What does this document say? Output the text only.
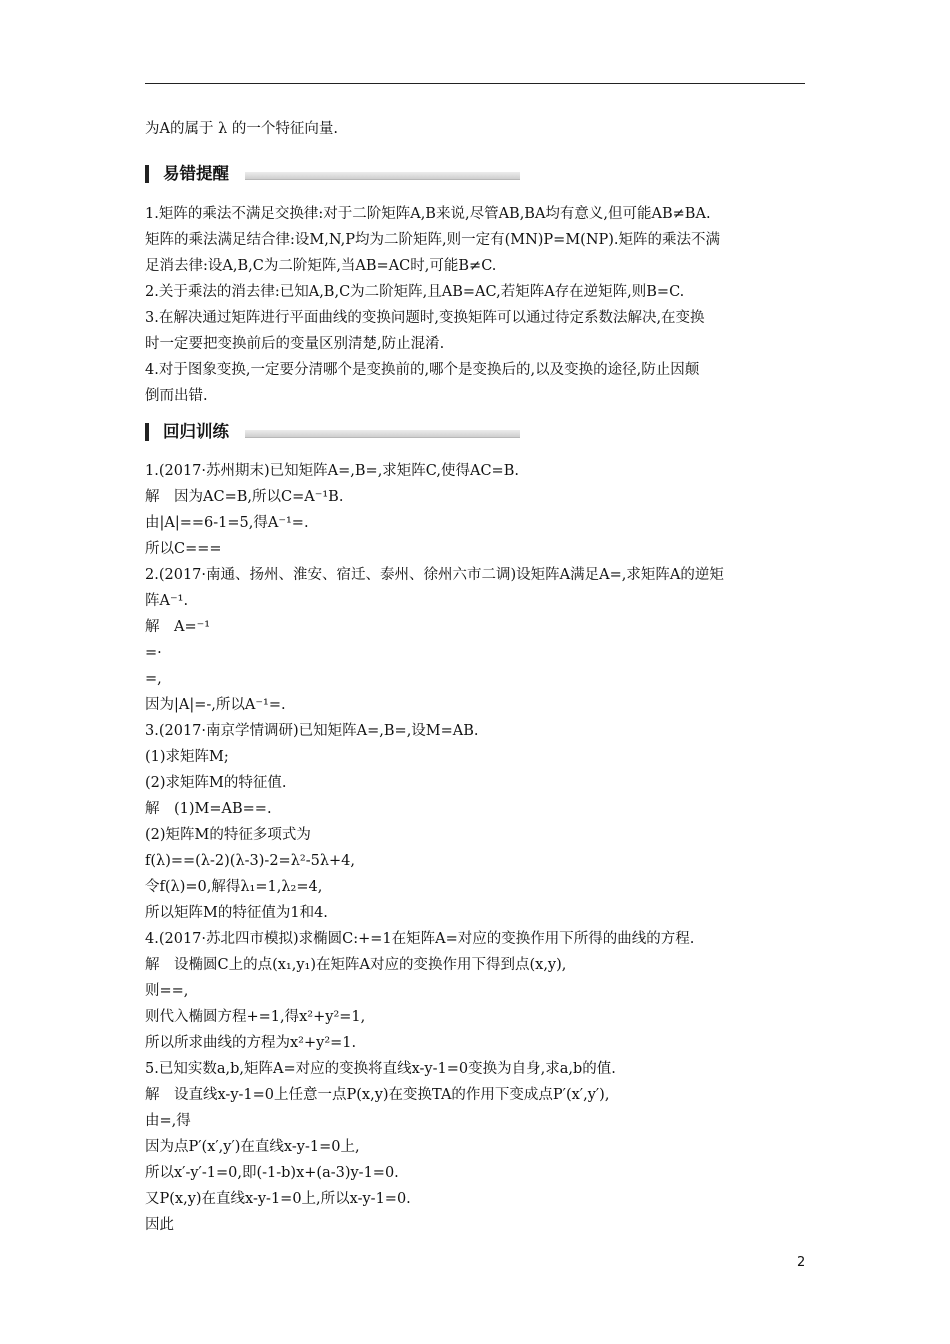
为A的属于 λ 的一个特征向量.
易错提醒
1.矩阵的乘法不满足交换律:对于二阶矩阵A,B来说,尽管AB,BA均有意义,但可能AB≠BA.
矩阵的乘法满足结合律:设M,N,P均为二阶矩阵,则一定有(MN)P=M(NP).矩阵的乘法不满
足消去律:设A,B,C为二阶矩阵,当AB=AC时,可能B≠C.
2.关于乘法的消去律:已知A,B,C为二阶矩阵,且AB=AC,若矩阵A存在逆矩阵,则B=C.
3.在解决通过矩阵进行平面曲线的变换问题时,变换矩阵可以通过待定系数法解决,在变换
时一定要把变换前后的变量区别清楚,防止混淆.
4.对于图象变换,一定要分清哪个是变换前的,哪个是变换后的,以及变换的途径,防止因颠
倒而出错.
回归训练
1.(2017·苏州期末)已知矩阵A=,B=,求矩阵C,使得AC=B.
解　因为AC=B,所以C=A⁻¹B.
由|A|==6-1=5,得A⁻¹=.
所以C===
2.(2017·南通、扬州、淮安、宿迁、泰州、徐州六市二调)设矩阵A满足A=,求矩阵A的逆矩
阵A⁻¹.
解　A=⁻¹
=·
=,
因为|A|=-,所以A⁻¹=.
3.(2017·南京学情调研)已知矩阵A=,B=,设M=AB.
(1)求矩阵M;
(2)求矩阵M的特征值.
解　(1)M=AB==.
(2)矩阵M的特征多项式为
f(λ)==(λ-2)(λ-3)-2=λ²-5λ+4,
令f(λ)=0,解得λ₁=1,λ₂=4,
所以矩阵M的特征值为1和4.
4.(2017·苏北四市模拟)求椭圆C:+=1在矩阵A=对应的变换作用下所得的曲线的方程.
解　设椭圆C上的点(x₁,y₁)在矩阵A对应的变换作用下得到点(x,y),
则==,
则代入椭圆方程+=1,得x²+y²=1,
所以所求曲线的方程为x²+y²=1.
5.已知实数a,b,矩阵A=对应的变换将直线x-y-1=0变换为自身,求a,b的值.
解　设直线x-y-1=0上任意一点P(x,y)在变换TA的作用下变成点P′(x′,y′),
由=,得
因为点P′(x′,y′)在直线x-y-1=0上,
所以x′-y′-1=0,即(-1-b)x+(a-3)y-1=0.
又P(x,y)在直线x-y-1=0上,所以x-y-1=0.
因此
2
